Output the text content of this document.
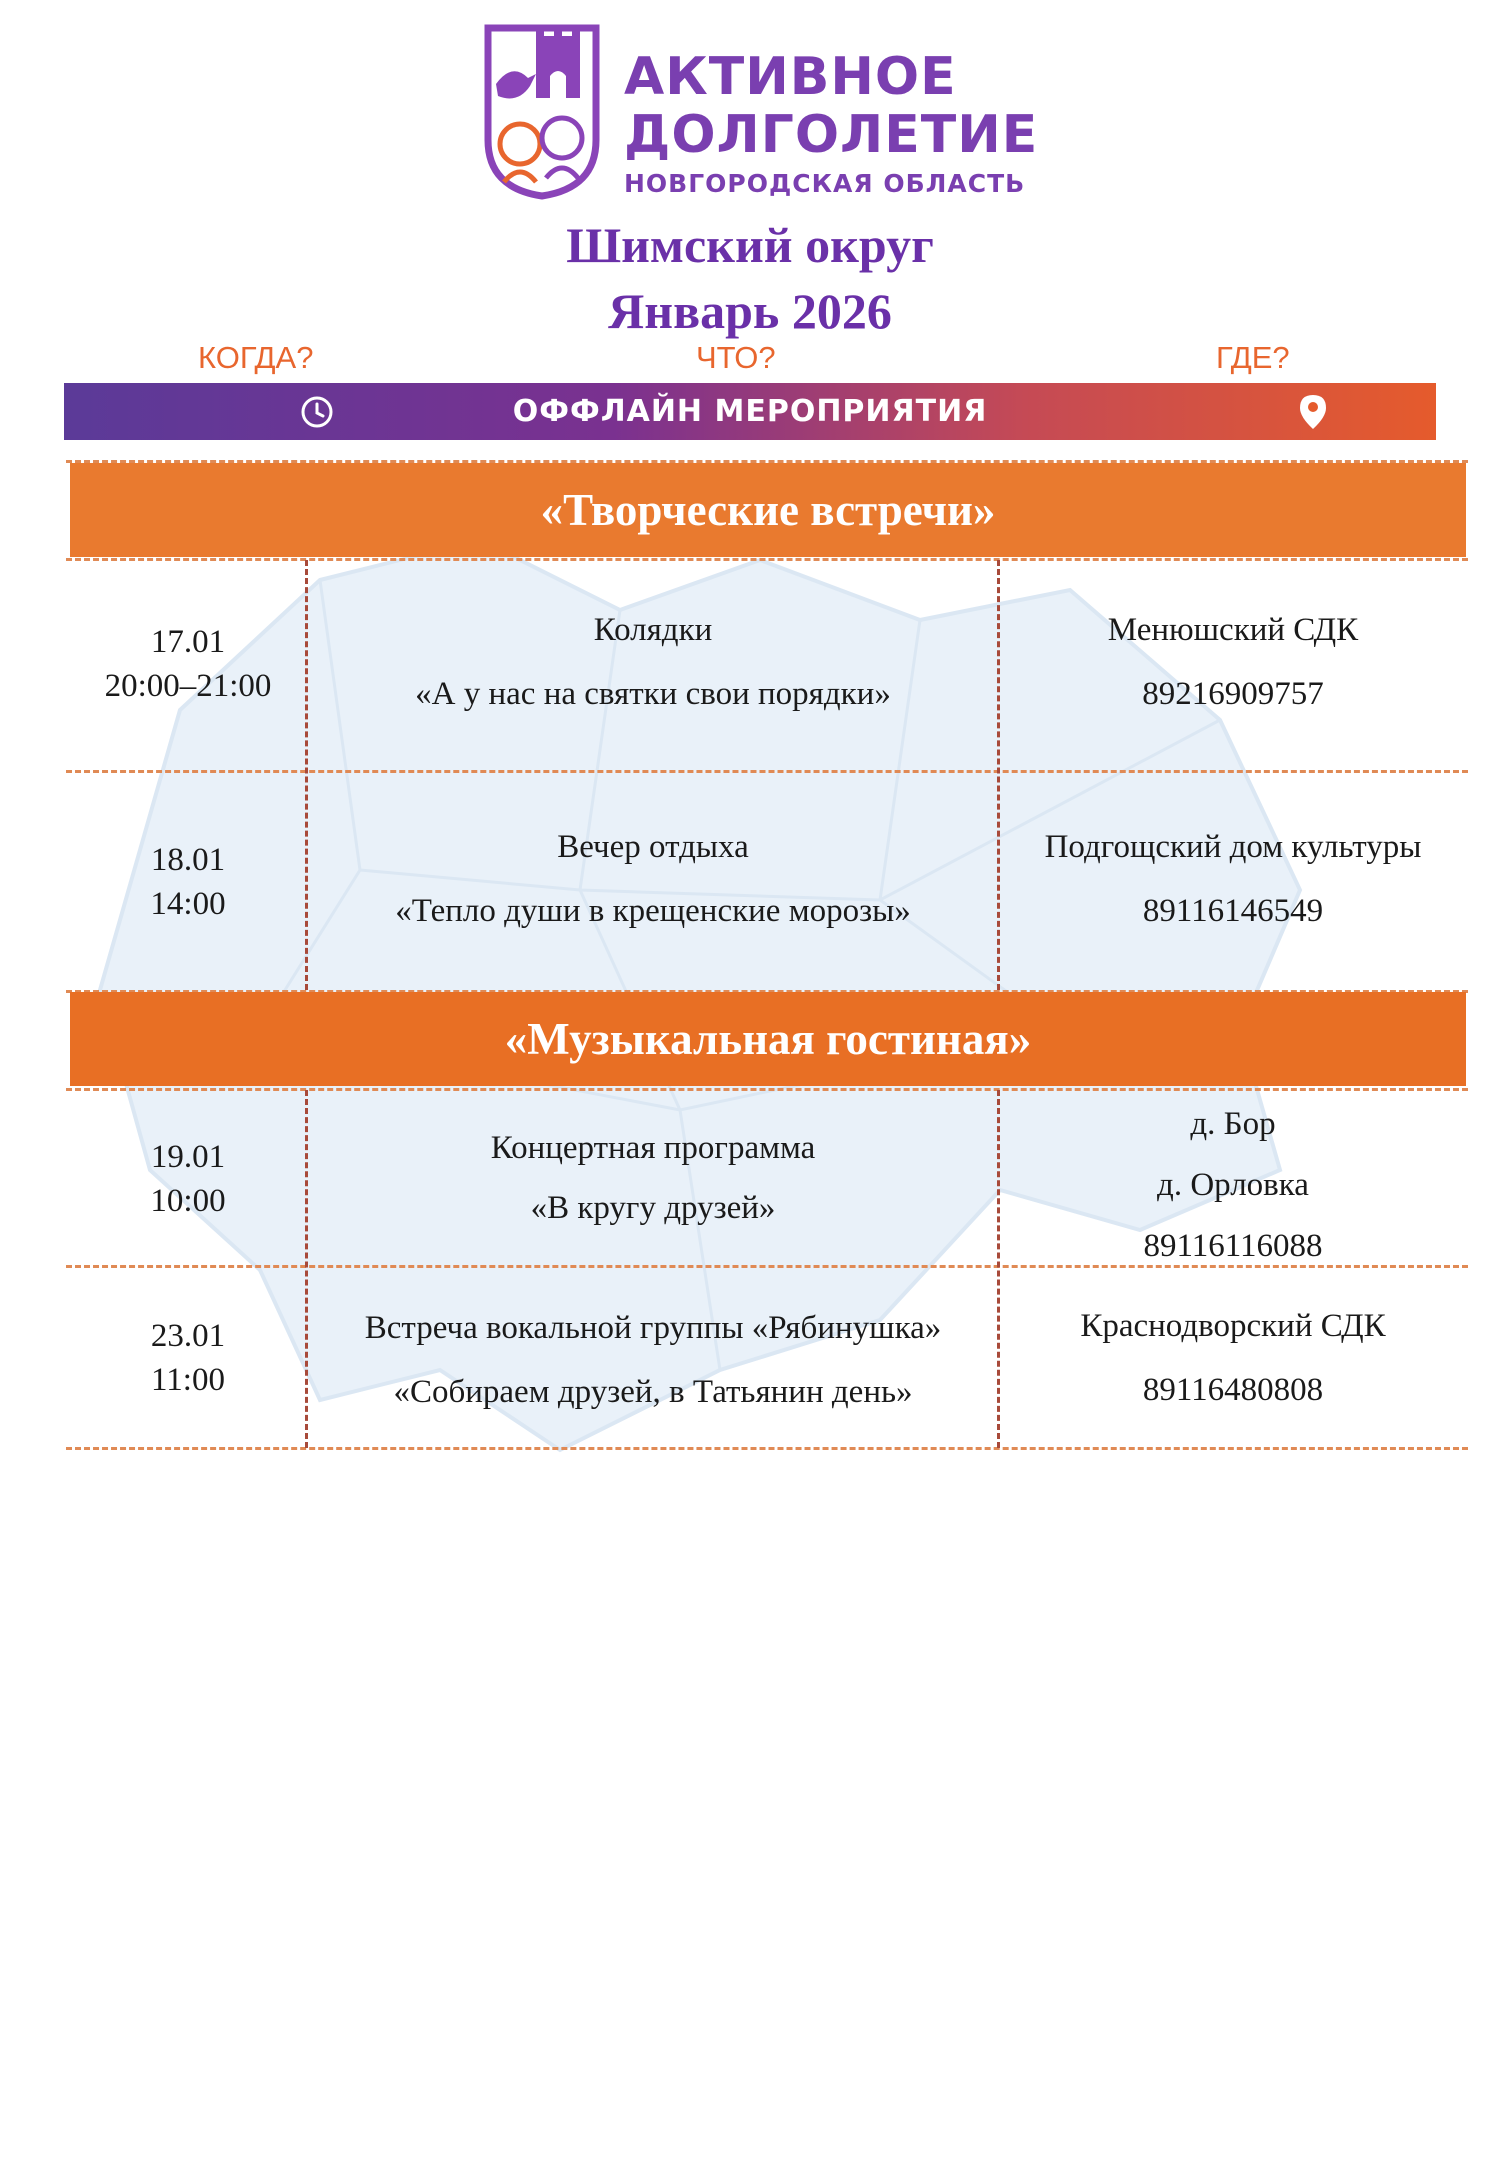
АКТИВНОЕ
ДОЛГОЛЕТИЕ
НОВГОРОДСКАЯ ОБЛАСТЬ
Шимский округ
Январь 2026
КОГДА?	ЧТО?	ГДЕ?
ОФФЛАЙН МЕРОПРИЯТИЯ
«Творческие встречи»
17.01
20:00–21:00
Колядки
«А у нас на святки свои порядки»
Менюшский СДК
89216909757
18.01
14:00
Вечер отдыха
«Тепло души в крещенские морозы»
Подгощский дом культуры
89116146549
«Музыкальная гостиная»
19.01
10:00
Концертная программа
«В кругу друзей»
д. Бор
д. Орловка
89116116088
23.01
11:00
Встреча вокальной группы «Рябинушка»
«Собираем друзей, в Татьянин день»
Краснодворский СДК
89116480808
